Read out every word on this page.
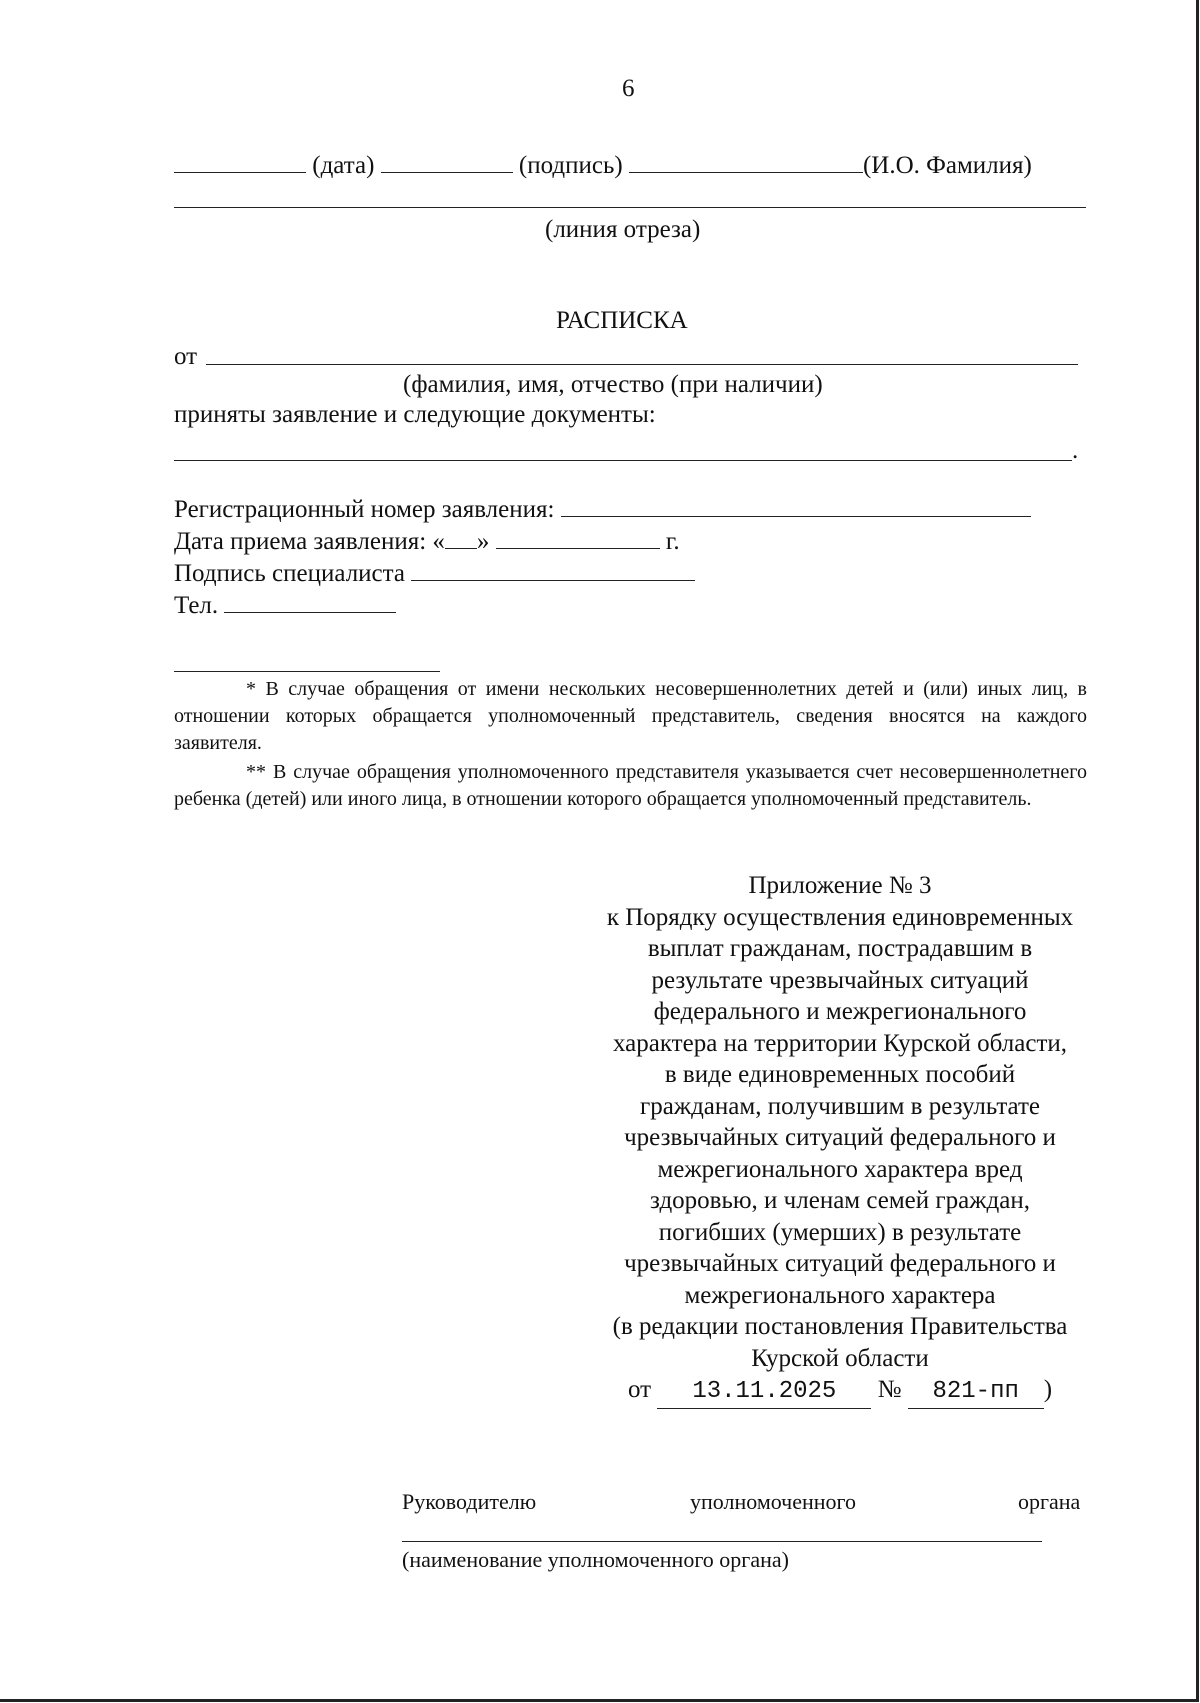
6
(дата)	(подпись)	(И.О. Фамилия)
(линия отреза)
РАСПИСКА
от
(фамилия, имя, отчество (при наличии)
приняты заявление и следующие документы:
.
Регистрационный номер заявления:
Дата приема заявления: « »	г.
Подпись специалиста
Тел.

* В случае обращения от имени нескольких несовершеннолетних детей и (или) иных лиц, в отношении которых обращается уполномоченный представитель, сведения вносятся на каждого заявителя.

** В случае обращения уполномоченного представителя указывается счет несовершеннолетнего ребенка (детей) или иного лица, в отношении которого обращается уполномоченный представитель.

Приложение № 3
к Порядку осуществления единовременных
выплат гражданам, пострадавшим в
результате чрезвычайных ситуаций
федерального и межрегионального
характера на территории Курской области,
в виде единовременных пособий
гражданам, получившим в результате
чрезвычайных ситуаций федерального и
межрегионального характера вред
здоровью, и членам семей граждан,
погибших (умерших) в результате
чрезвычайных ситуаций федерального и
межрегионального характера
(в редакции постановления Правительства
Курской области
от 13.11.2025 № 821-пп )
Руководителю	уполномоченного	органа
(наименование уполномоченного органа)
